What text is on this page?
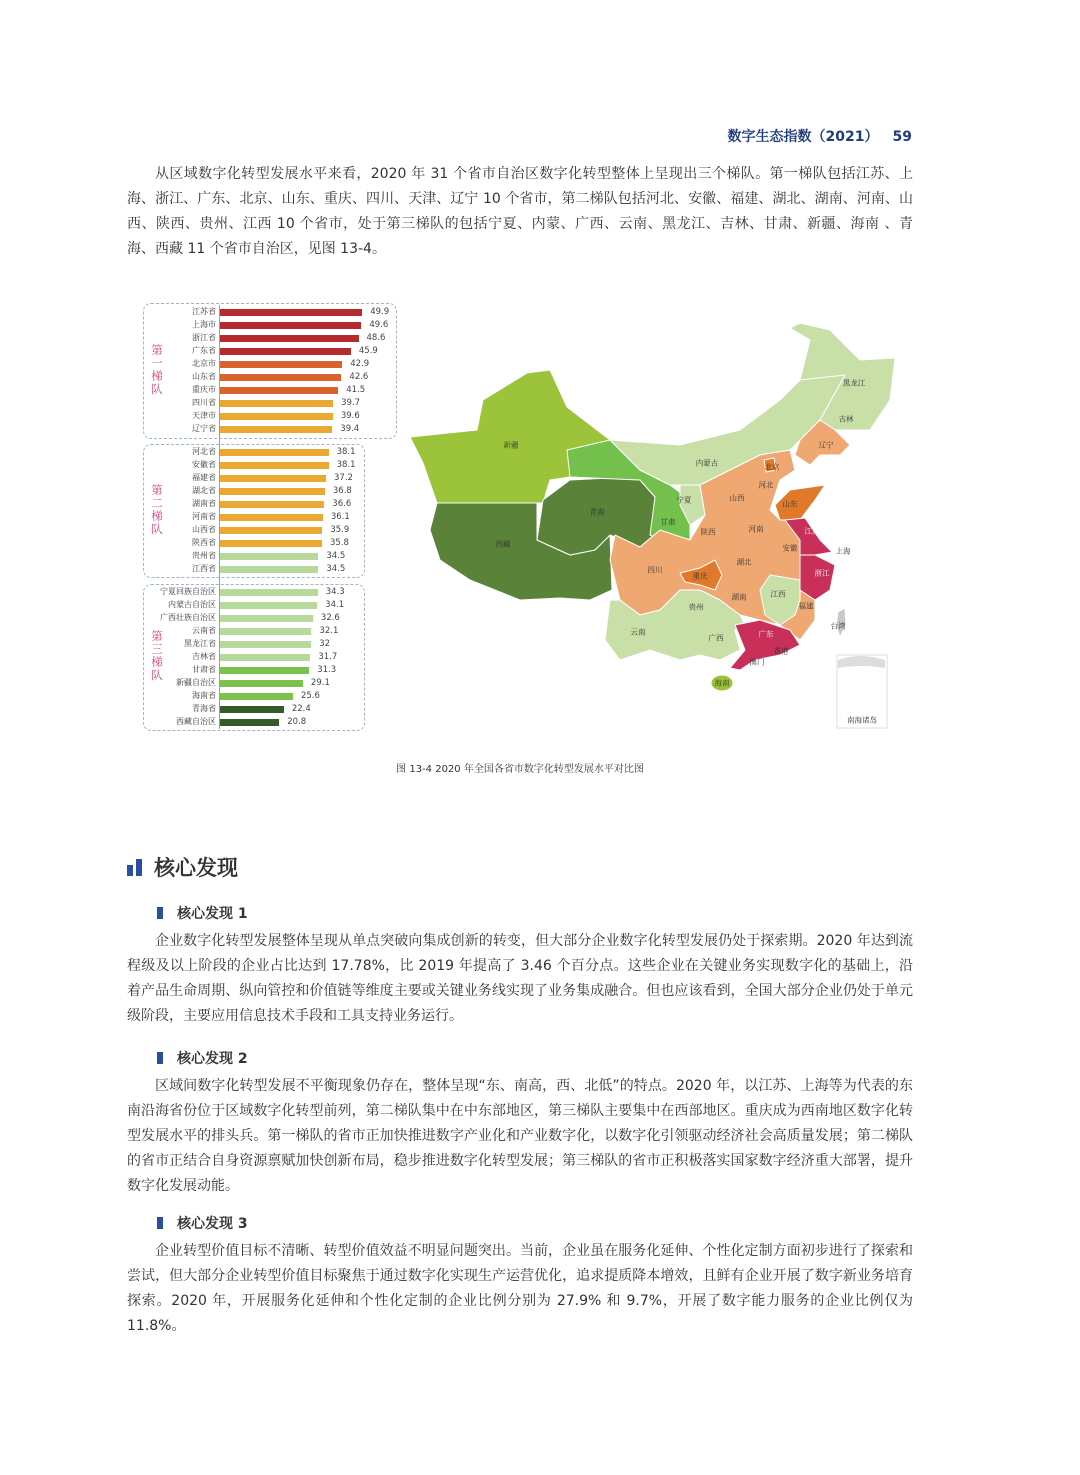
数字生态指数（2021） 59

从区域数字化转型发展水平来看，2020 年 31 个省市自治区数字化转型整体上呈现出三个梯队。第一梯队包括江苏、上海、浙江、广东、北京、山东、重庆、四川、天津、辽宁 10 个省市，第二梯队包括河北、安徽、福建、湖北、湖南、河南、山西、陕西、贵州、江西 10 个省市，处于第三梯队的包括宁夏、内蒙、广西、云南、黑龙江、吉林、甘肃、新疆、海南 、青海、西藏 11 个省市自治区，见图 13-4。

第一梯队
第二梯队
第三梯队
江苏省	49.9
上海市	49.6
浙江省	48.6
广东省	45.9
北京市	42.9
山东省	42.6
重庆市	41.5
四川省	39.7
天津市	39.6
辽宁省	39.4
河北省	38.1
安徽省	38.1
福建省	37.2
湖北省	36.8
湖南省	36.6
河南省	36.1
山西省	35.9
陕西省	35.8
贵州省	34.5
江西省	34.5
宁夏回族自治区	34.3
内蒙古自治区	34.1
广西壮族自治区	32.6
云南省	32.1
黑龙江省	32
吉林省	31.7
甘肃省	31.3
新疆自治区	29.1
海南省	25.6
青海省	22.4
西藏自治区	20.8
新疆
西藏
青海
甘肃
宁夏
内蒙古
黑龙江
吉林
辽宁
北京
河北
山西
山东
陕西	河南	江苏
上海
安徽
四川
重庆
湖北
浙江
湖南	江西
福建
贵州
云南
广西	广东
香港
澳门
台湾
海南
南海诸岛
图 13-4 2020 年全国各省市数字化转型发展水平对比图
核心发现
核心发现 1

企业数字化转型发展整体呈现从单点突破向集成创新的转变，但大部分企业数字化转型发展仍处于探索期。2020 年达到流程级及以上阶段的企业占比达到 17.78%，比 2019 年提高了 3.46 个百分点。这些企业在关键业务实现数字化的基础上，沿着产品生命周期、纵向管控和价值链等维度主要或关键业务线实现了业务集成融合。但也应该看到，全国大部分企业仍处于单元级阶段，主要应用信息技术手段和工具支持业务运行。

核心发现 2

区域间数字化转型发展不平衡现象仍存在，整体呈现“东、南高，西、北低”的特点。2020 年，以江苏、上海等为代表的东南沿海省份位于区域数字化转型前列，第二梯队集中在中东部地区，第三梯队主要集中在西部地区。重庆成为西南地区数字化转型发展水平的排头兵。第一梯队的省市正加快推进数字产业化和产业数字化，以数字化引领驱动经济社会高质量发展；第二梯队的省市正结合自身资源禀赋加快创新布局，稳步推进数字化转型发展；第三梯队的省市正积极落实国家数字经济重大部署，提升数字化发展动能。

核心发现 3

企业转型价值目标不清晰、转型价值效益不明显问题突出。当前，企业虽在服务化延伸、个性化定制方面初步进行了探索和尝试，但大部分企业转型价值目标聚焦于通过数字化实现生产运营优化，追求提质降本增效，且鲜有企业开展了数字新业务培育探索。2020 年，开展服务化延伸和个性化定制的企业比例分别为 27.9% 和 9.7%，开展了数字能力服务的企业比例仅为 11.8%。
